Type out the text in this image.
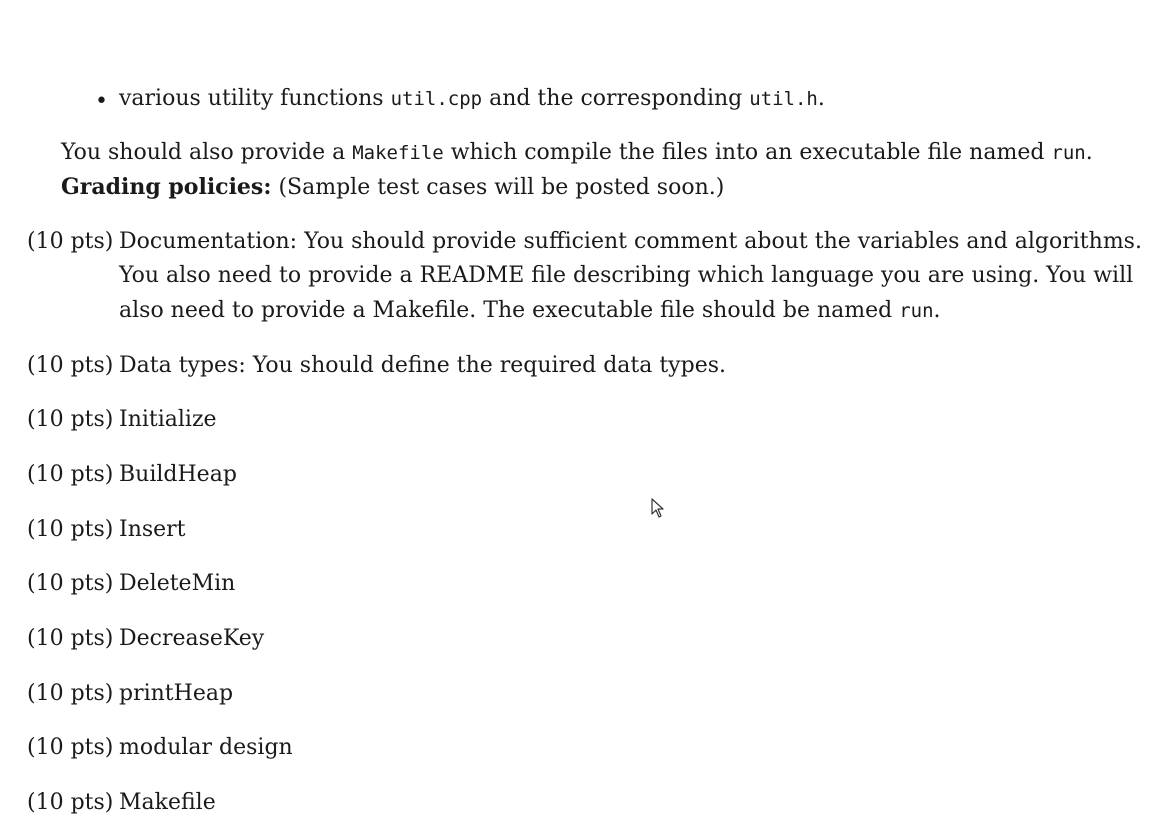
• various utility functions util.cpp and the corresponding util.h.
You should also provide a Makefile which compile the files into an executable file named run.
Grading policies: (Sample test cases will be posted soon.)
(10 pts) Documentation: You should provide sufficient comment about the variables and algorithms.
You also need to provide a README file describing which language you are using. You will
also need to provide a Makefile. The executable file should be named run.
(10 pts) Data types: You should define the required data types.
(10 pts) Initialize
(10 pts) BuildHeap
(10 pts) Insert
(10 pts) DeleteMin
(10 pts) DecreaseKey
(10 pts) printHeap
(10 pts) modular design
(10 pts) Makefile
